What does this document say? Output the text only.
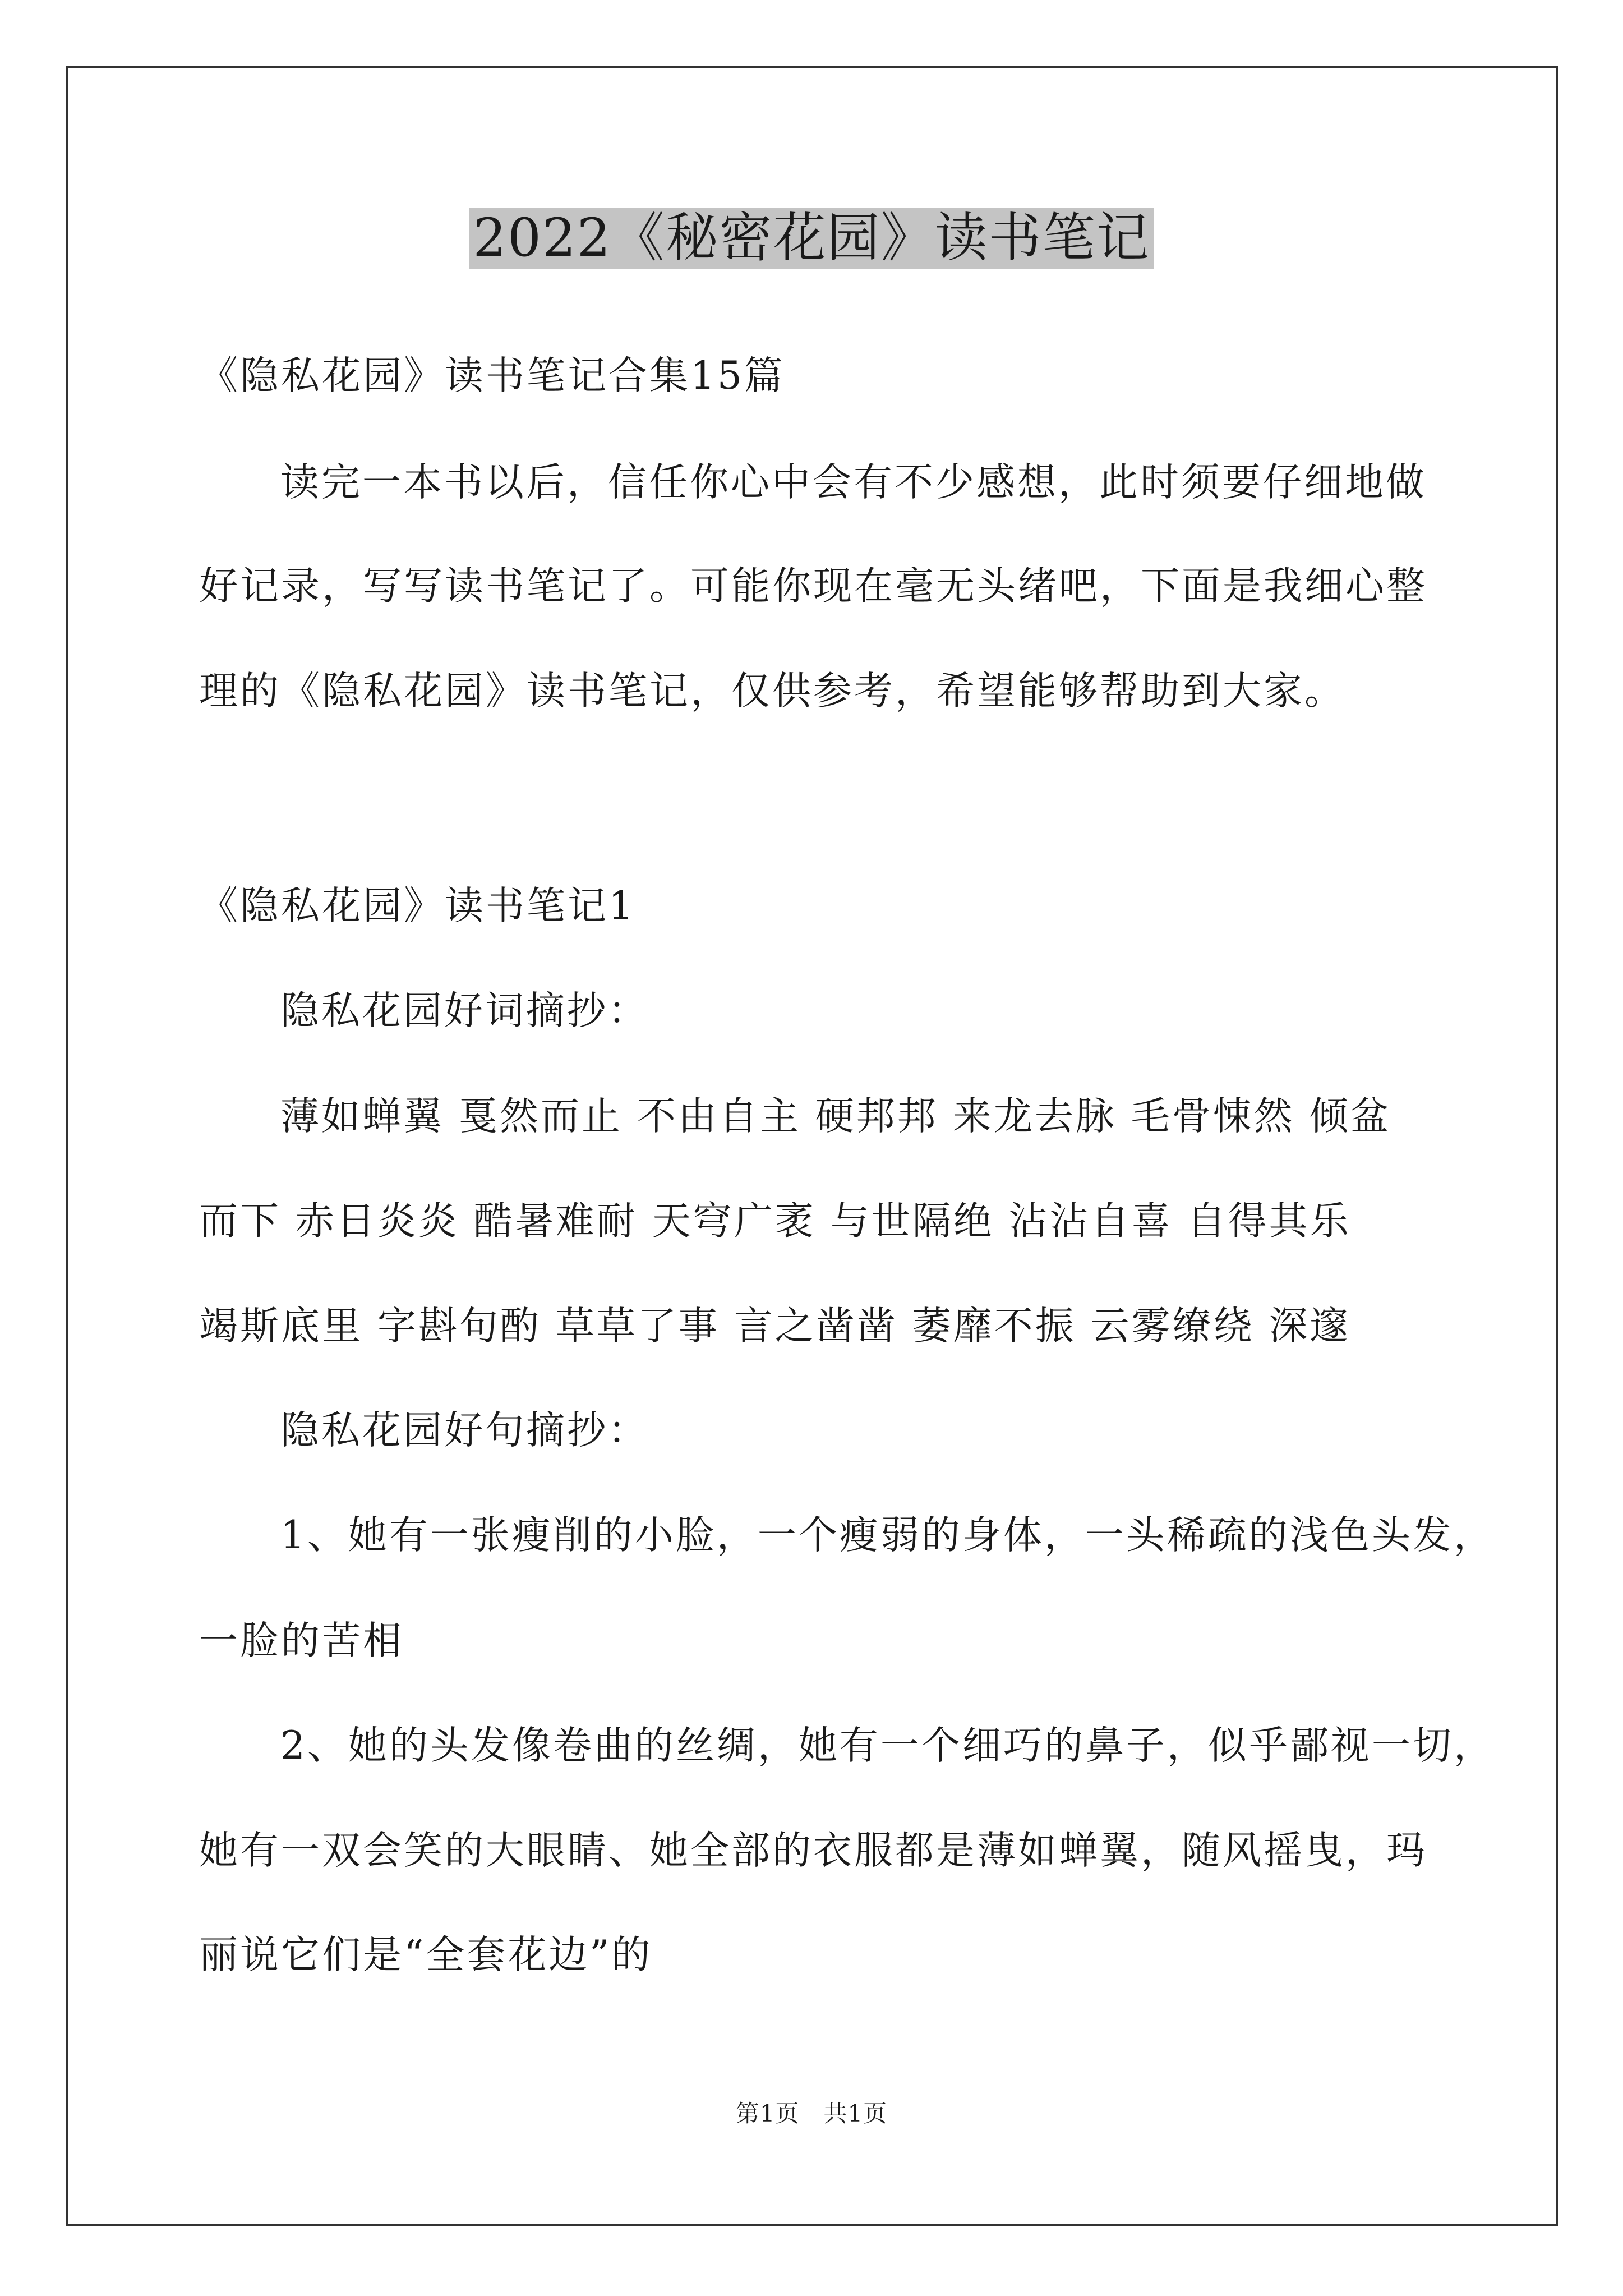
2022《秘密花园》读书笔记
《隐私花园》读书笔记合集15篇
读完一本书以后，信任你心中会有不少感想，此时须要仔细地做
好记录，写写读书笔记了。可能你现在毫无头绪吧，下面是我细心整
理的《隐私花园》读书笔记，仅供参考，希望能够帮助到大家。
《隐私花园》读书笔记1
隐私花园好词摘抄：
薄如蝉翼 戛然而止 不由自主 硬邦邦 来龙去脉 毛骨悚然 倾盆
而下 赤日炎炎 酷暑难耐 天穹广袤 与世隔绝 沾沾自喜 自得其乐
竭斯底里 字斟句酌 草草了事 言之凿凿 萎靡不振 云雾缭绕 深邃
隐私花园好句摘抄：
1、她有一张瘦削的小脸，一个瘦弱的身体，一头稀疏的浅色头发，
一脸的苦相
2、她的头发像卷曲的丝绸，她有一个细巧的鼻子，似乎鄙视一切，
她有一双会笑的大眼睛、她全部的衣服都是薄如蝉翼，随风摇曳，玛
丽说它们是“全套花边”的
第1页　共1页
